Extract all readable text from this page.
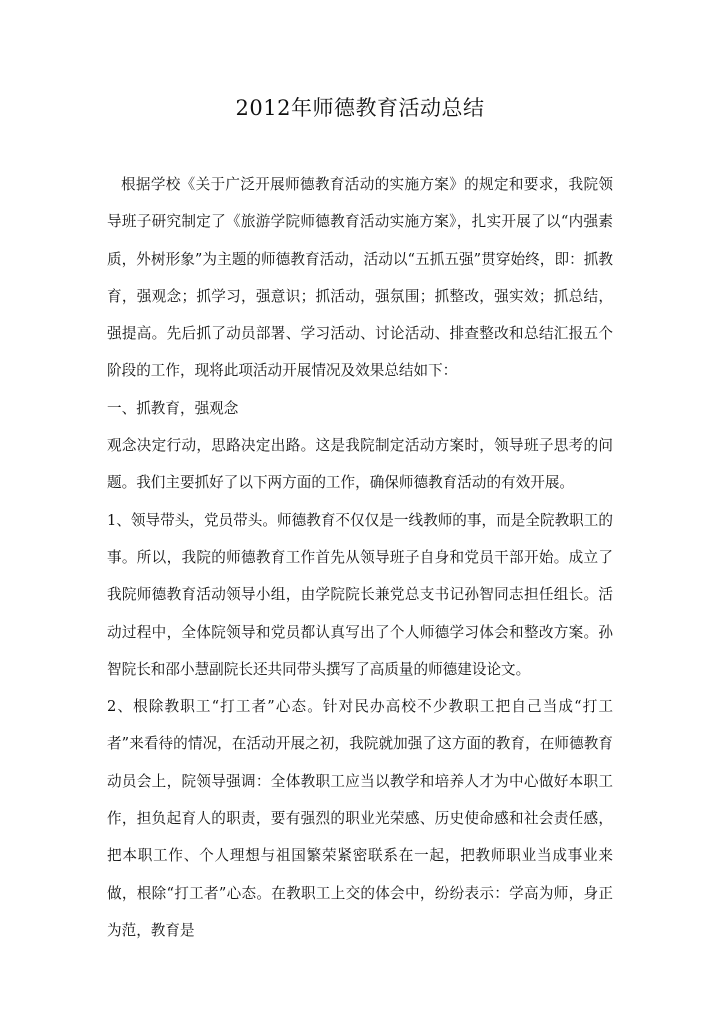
2012年师德教育活动总结

根据学校《关于广泛开展师德教育活动的实施方案》的规定和要求，我院领导班子研究制定了《旅游学院师德教育活动实施方案》，扎实开展了以“内强素质，外树形象”为主题的师德教育活动，活动以“五抓五强”贯穿始终，即：抓教育，强观念；抓学习，强意识；抓活动，强氛围；抓整改，强实效；抓总结，强提高。先后抓了动员部署、学习活动、讨论活动、排查整改和总结汇报五个阶段的工作，现将此项活动开展情况及效果总结如下：

一、抓教育，强观念

观念决定行动，思路决定出路。这是我院制定活动方案时，领导班子思考的问题。我们主要抓好了以下两方面的工作，确保师德教育活动的有效开展。

1、领导带头，党员带头。师德教育不仅仅是一线教师的事，而是全院教职工的事。所以，我院的师德教育工作首先从领导班子自身和党员干部开始。成立了我院师德教育活动领导小组，由学院院长兼党总支书记孙智同志担任组长。活动过程中，全体院领导和党员都认真写出了个人师德学习体会和整改方案。孙智院长和邵小慧副院长还共同带头撰写了高质量的师德建设论文。

2、根除教职工“打工者”心态。针对民办高校不少教职工把自己当成“打工者”来看待的情况，在活动开展之初，我院就加强了这方面的教育，在师德教育动员会上，院领导强调：全体教职工应当以教学和培养人才为中心做好本职工作，担负起育人的职责，要有强烈的职业光荣感、历史使命感和社会责任感，把本职工作、个人理想与祖国繁荣紧密联系在一起，把教师职业当成事业来做，根除“打工者”心态。在教职工上交的体会中，纷纷表示：学高为师，身正为范，教育是
